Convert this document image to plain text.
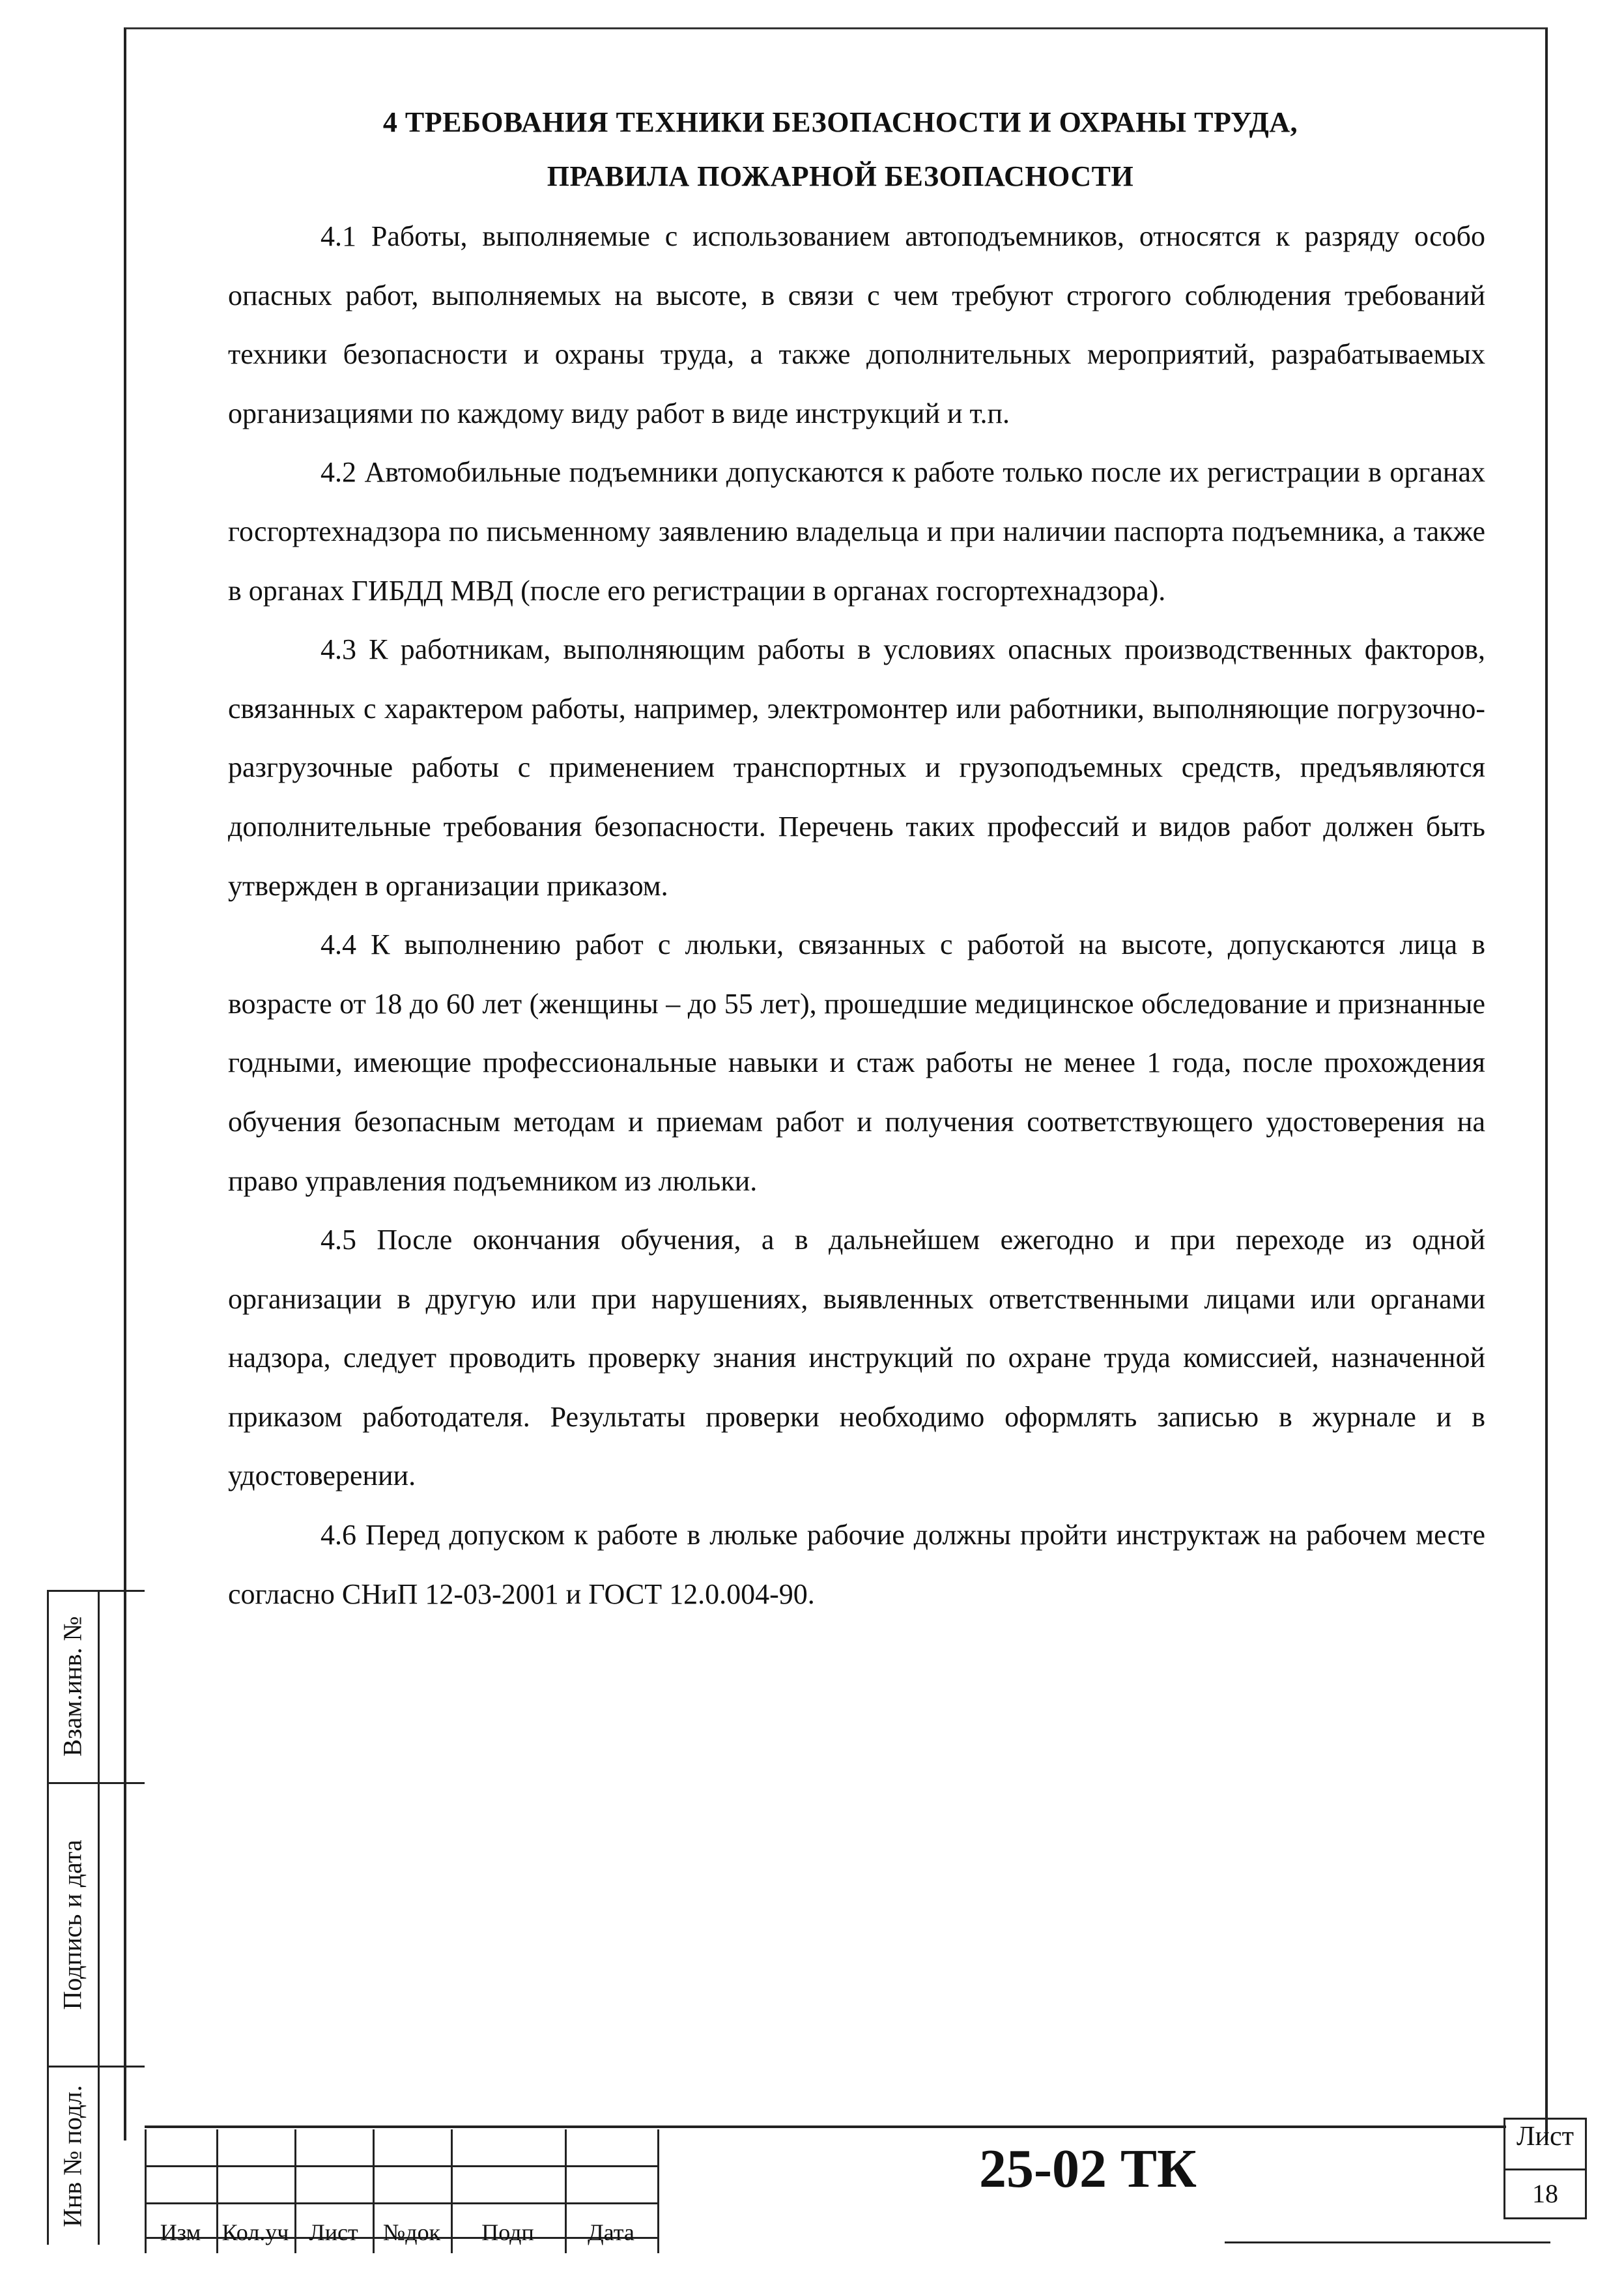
4 ТРЕБОВАНИЯ ТЕХНИКИ БЕЗОПАСНОСТИ И ОХРАНЫ ТРУДА,
ПРАВИЛА ПОЖАРНОЙ БЕЗОПАСНОСТИ

4.1 Работы, выполняемые с использованием автоподъемников, относятся к разряду особо опасных работ, выполняемых на высоте, в связи с чем требуют строгого соблюдения требований техники безопасности и охраны труда, а также дополнительных мероприятий, разрабатываемых организациями по каждому виду работ в виде инструкций и т.п.

4.2 Автомобильные подъемники допускаются к работе только после их регистрации в органах госгортехнадзора по письменному заявлению владельца и при наличии паспорта подъемника, а также в органах ГИБДД МВД (после его регистрации в органах госгортехнадзора).

4.3 К работникам, выполняющим работы в условиях опасных производственных факторов, связанных с характером работы, например, электромонтер или работники, выполняющие погрузочно-разгрузочные работы с применением транспортных и грузоподъемных средств, предъявляются дополнительные требования безопасности. Перечень таких профессий и видов работ должен быть утвержден в организации приказом.

4.4 К выполнению работ с люльки, связанных с работой на высоте, допускаются лица в возрасте от 18 до 60 лет (женщины – до 55 лет), прошедшие медицинское обследование и признанные годными, имеющие профессиональные навыки и стаж работы не менее 1 года, после прохождения обучения безопасным методам и приемам работ и получения соответствующего удостоверения на право управления подъемником из люльки.

4.5 После окончания обучения, а в дальнейшем ежегодно и при переходе из одной организации в другую или при нарушениях, выявленных ответственными лицами или органами надзора, следует проводить проверку знания инструкций по охране труда комиссией, назначенной приказом работодателя. Результаты проверки необходимо оформлять записью в журнале и в удостоверении.

4.6 Перед допуском к работе в люльке рабочие должны пройти инструктаж на рабочем месте согласно СНиП 12-03-2001 и ГОСТ 12.0.004-90.

Взам.инв. №
Подпись и дата
Инв № подл.
Изм Кол.уч Лист	№док	Подп	Дата
25-02 ТК
Лист
18
